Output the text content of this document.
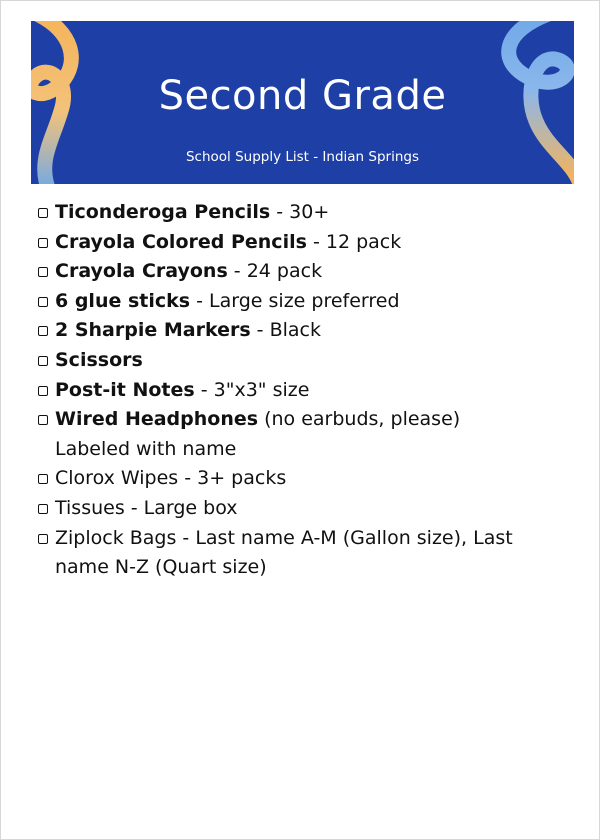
Second Grade
School Supply List - Indian Springs
Ticonderoga Pencils - 30+
Crayola Colored Pencils - 12 pack
Crayola Crayons - 24 pack
6 glue sticks - Large size preferred
2 Sharpie Markers - Black
Scissors
Post-it Notes - 3"x3" size
Wired Headphones (no earbuds, please)
Labeled with name
Clorox Wipes - 3+ packs
Tissues - Large box
Ziplock Bags - Last name A-M (Gallon size), Last
name N-Z (Quart size)
